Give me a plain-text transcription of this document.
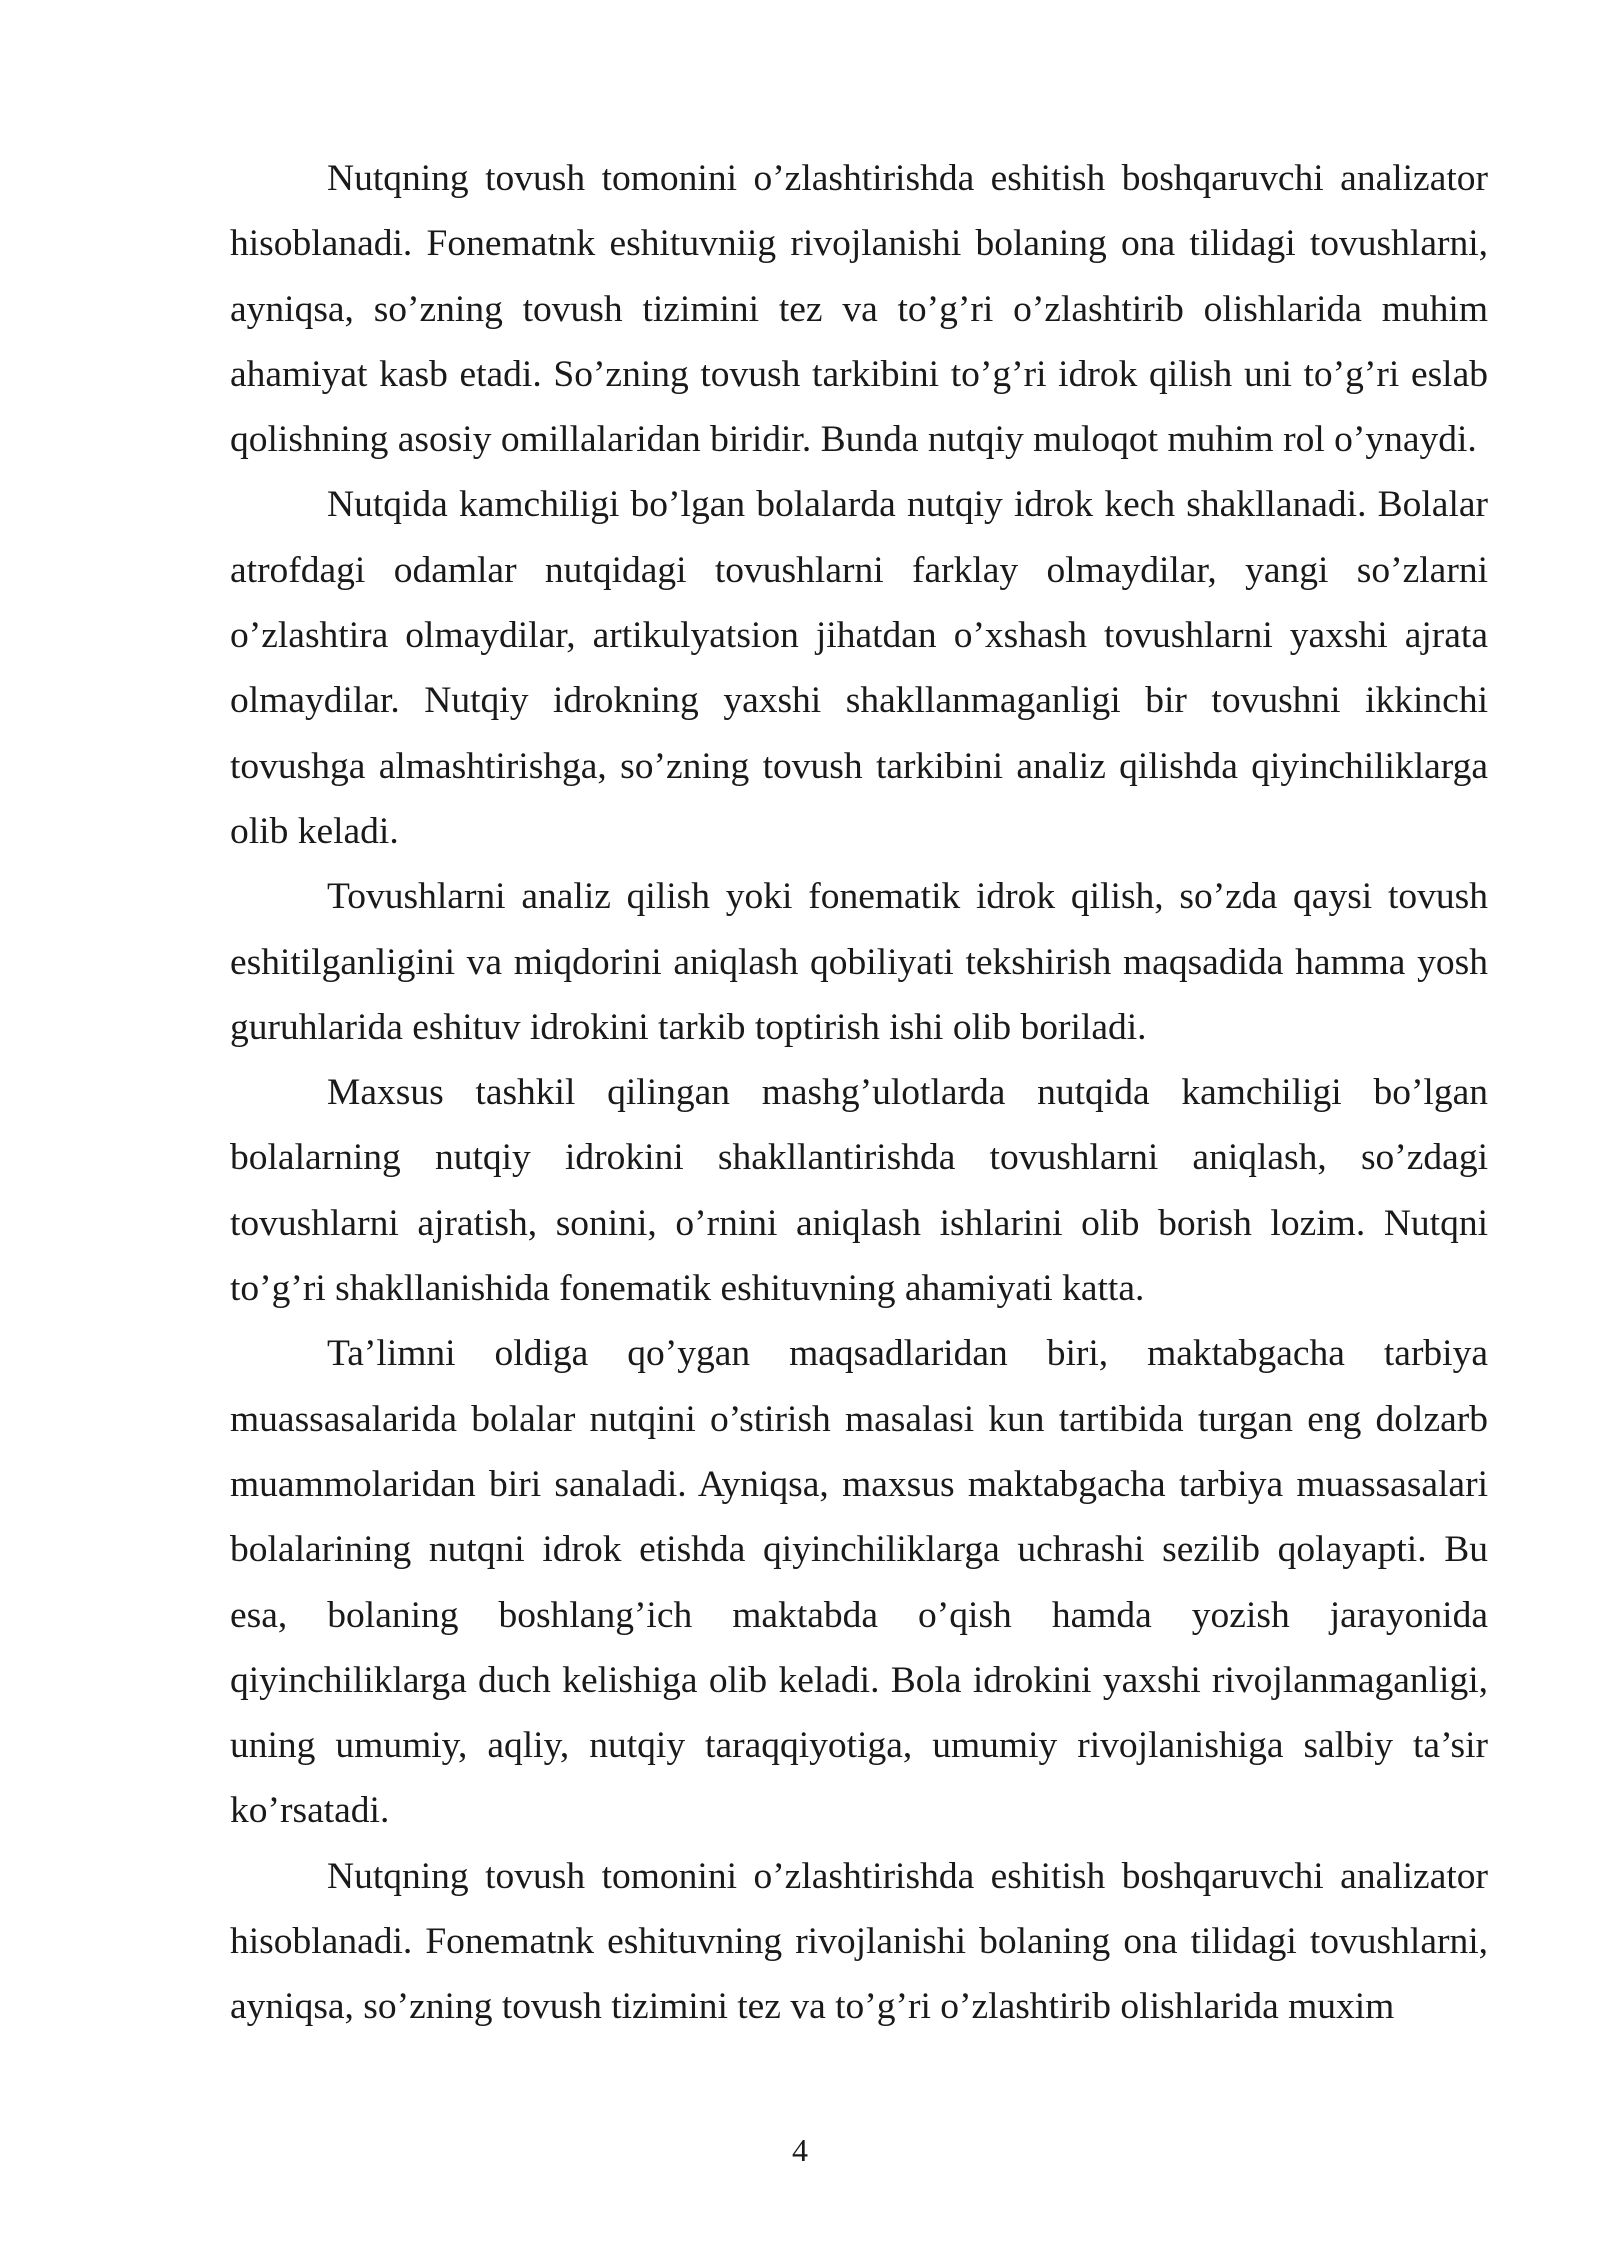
Nutqning tovush tomonini o’zlashtirishda eshitish boshqaruvchi analizator hisoblanadi. Fonematnk eshituvniig rivojlanishi bolaning ona tilidagi tovushlarni, ayniqsa, so’zning tovush tizimini tez va to’g’ri o’zlashtirib olishlarida muhim ahamiyat kasb etadi. So’zning tovush tarkibini to’g’ri idrok qilish uni to’g’ri eslab qolishning asosiy omillalaridan biridir. Bunda nutqiy muloqot muhim rol o’ynaydi.

Nutqida kamchiligi bo’lgan bolalarda nutqiy idrok kech shakllanadi. Bolalar atrofdagi odamlar nutqidagi tovushlarni farklay olmaydilar, yangi so’zlarni o’zlashtira olmaydilar, artikulyatsion jihatdan o’xshash tovushlarni yaxshi ajrata olmaydilar. Nutqiy idrokning yaxshi shakllanmaganligi bir tovushni ikkinchi tovushga almashtirishga, so’zning tovush tarkibini analiz qilishda qiyinchiliklarga olib keladi.

Tovushlarni analiz qilish yoki fonematik idrok qilish, so’zda qaysi tovush eshitilganligini va miqdorini aniqlash qobiliyati tekshirish maqsadida hamma yosh guruhlarida eshituv idrokini tarkib toptirish ishi olib boriladi.

Maxsus tashkil qilingan mashg’ulotlarda nutqida kamchiligi bo’lgan bolalarning nutqiy idrokini shakllantirishda tovushlarni aniqlash, so’zdagi tovushlarni ajratish, sonini, o’rnini aniqlash ishlarini olib borish lozim. Nutqni to’g’ri shakllanishida fonematik eshituvning ahamiyati katta.

Ta’limni oldiga qo’ygan maqsadlaridan biri, maktabgacha tarbiya muassasalarida bolalar nutqini o’stirish masalasi kun tartibida turgan eng dolzarb muammolaridan biri sanaladi. Ayniqsa, maxsus maktabgacha tarbiya muassasalari bolalarining nutqni idrok etishda qiyinchiliklarga uchrashi sezilib qolayapti. Bu esa, bolaning boshlang’ich maktabda o’qish hamda yozish jarayonida qiyinchiliklarga duch kelishiga olib keladi. Bola idrokini yaxshi rivojlanmaganligi, uning umumiy, aqliy, nutqiy taraqqiyotiga, umumiy rivojlanishiga salbiy ta’sir ko’rsatadi.

Nutqning tovush tomonini o’zlashtirishda eshitish boshqaruvchi analizator hisoblanadi. Fonematnk eshituvning rivojlanishi bolaning ona tilidagi tovushlarni, ayniqsa, so’zning tovush tizimini tez va to’g’ri o’zlashtirib olishlarida muxim

4
